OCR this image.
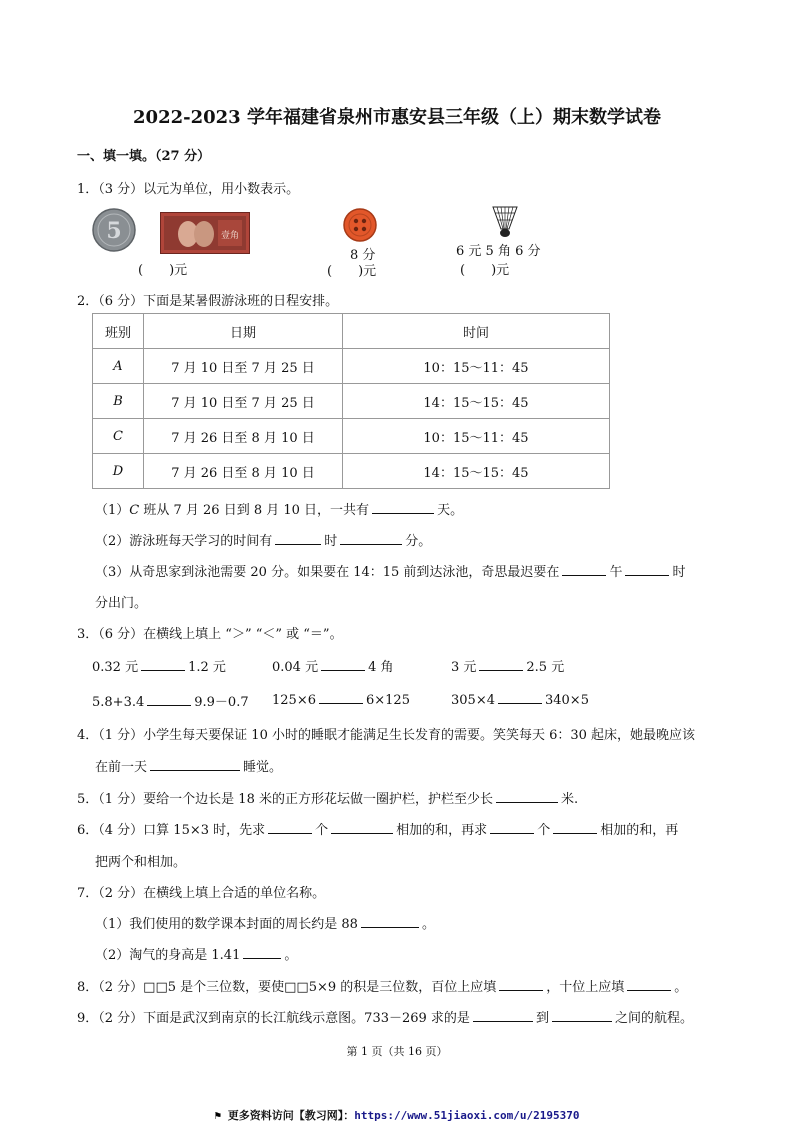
2022-2023 学年福建省泉州市惠安县三年级（上）期末数学试卷
一、填一填。（27 分）
1．（3 分）以元为单位，用小数表示。
5	壹角
(　　)元
8 分
(　　)元
6 元 5 角 6 分
(　　)元
2．（6 分）下面是某暑假游泳班的日程安排。
班别	日期	时间
A	7 月 10 日至 7 月 25 日	10：15～11：45
B	7 月 10 日至 7 月 25 日	14：15～15：45
C	7 月 26 日至 8 月 10 日	10：15～11：45
D	7 月 26 日至 8 月 10 日	14：15～15：45
（1）C 班从 7 月 26 日到 8 月 10 日，一共有	天。
（2）游泳班每天学习的时间有	时	分。
（3）从奇思家到泳池需要 20 分。如果要在 14：15 前到达泳池，奇思最迟要在	午	时
分出门。
3．（6 分）在横线上填上 “＞” “＜” 或 “＝”。
0.32 元	1.2 元	0.04 元	4 角	3 元	2.5 元
5.8+3.4	9.9－0.7 125×6	6×125	305×4	340×5
4．（1 分）小学生每天要保证 10 小时的睡眠才能满足生长发育的需要。笑笑每天 6：30 起床，她最晚应该
在前一天	睡觉。
5．（1 分）要给一个边长是 18 米的正方形花坛做一圈护栏，护栏至少长	米.
6．（4 分）口算 15×3 时，先求	个	相加的和，再求	个	相加的和，再
把两个和相加。
7．（2 分）在横线上填上合适的单位名称。
（1）我们使用的数学课本封面的周长约是 88	。
（2）淘气的身高是 1.41	。
8．（2 分）□□5 是个三位数，要使□□5×9 的积是三位数，百位上应填	，十位上应填	。
9．（2 分）下面是武汉到南京的长江航线示意图。733－269 求的是	到	之间的航程。
第 1 页（共 16 页）
⚑ 更多资料访问【教习网】：https://www.51jiaoxi.com/u/2195370
